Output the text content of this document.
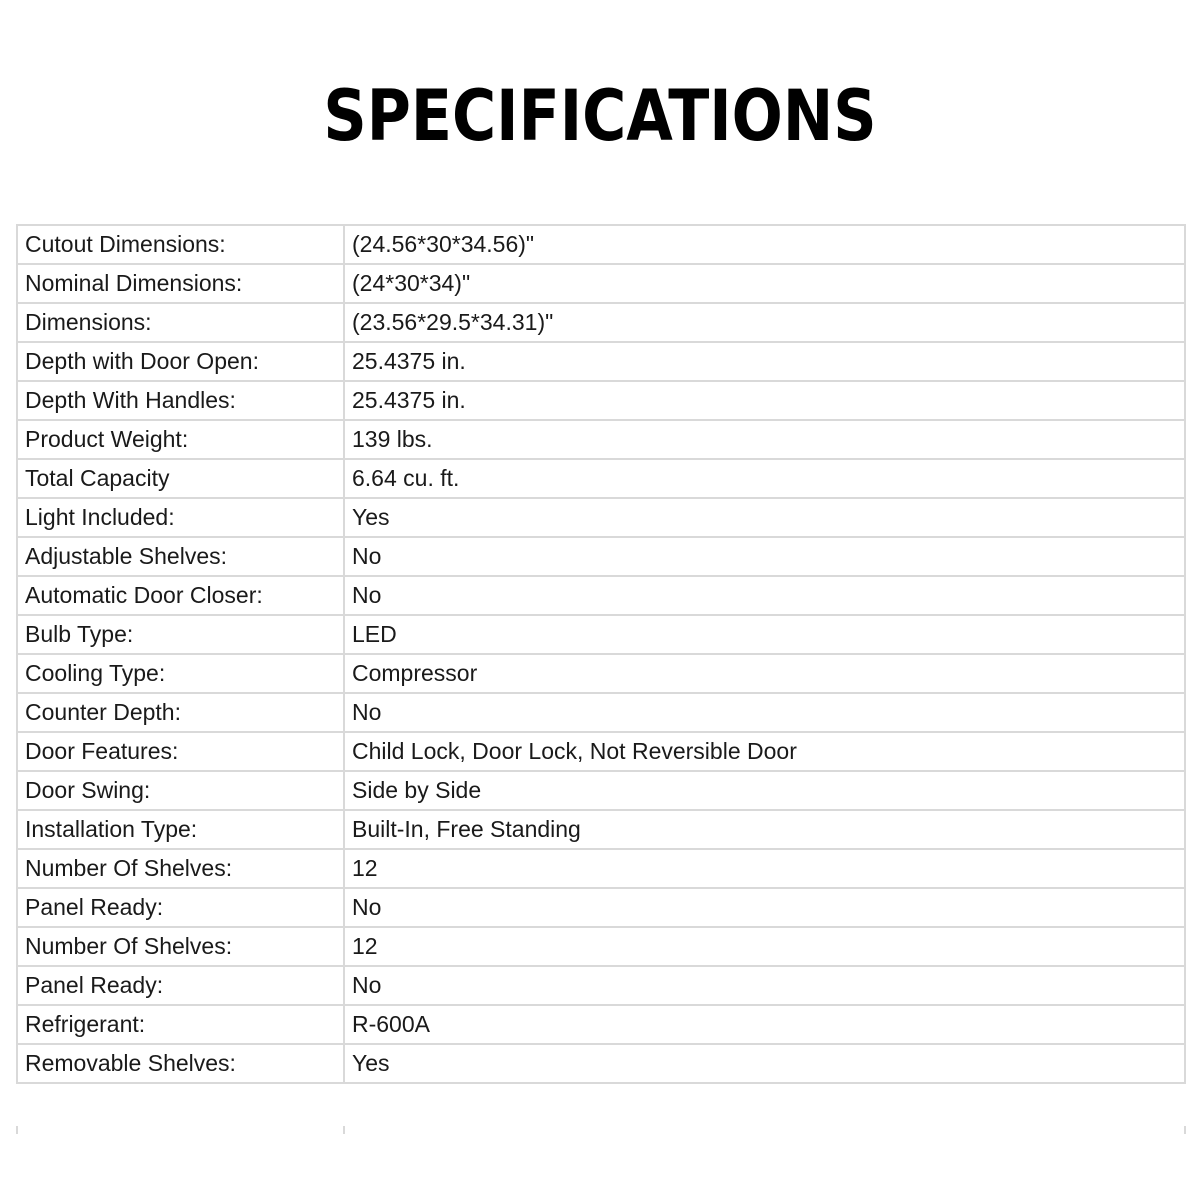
SPECIFICATIONS
Cutout Dimensions:	(24.56*30*34.56)"
Nominal Dimensions:	(24*30*34)"
Dimensions:	(23.56*29.5*34.31)"
Depth with Door Open:	25.4375 in.
Depth With Handles:	25.4375 in.
Product Weight:	139 lbs.
Total Capacity	6.64 cu. ft.
Light Included:	Yes
Adjustable Shelves:	No
Automatic Door Closer:	No
Bulb Type:	LED
Cooling Type:	Compressor
Counter Depth:	No
Door Features:	Child Lock, Door Lock, Not Reversible Door
Door Swing:	Side by Side
Installation Type:	Built-In, Free Standing
Number Of Shelves:	12
Panel Ready:	No
Number Of Shelves:	12
Panel Ready:	No
Refrigerant:	R-600A
Removable Shelves:	Yes
